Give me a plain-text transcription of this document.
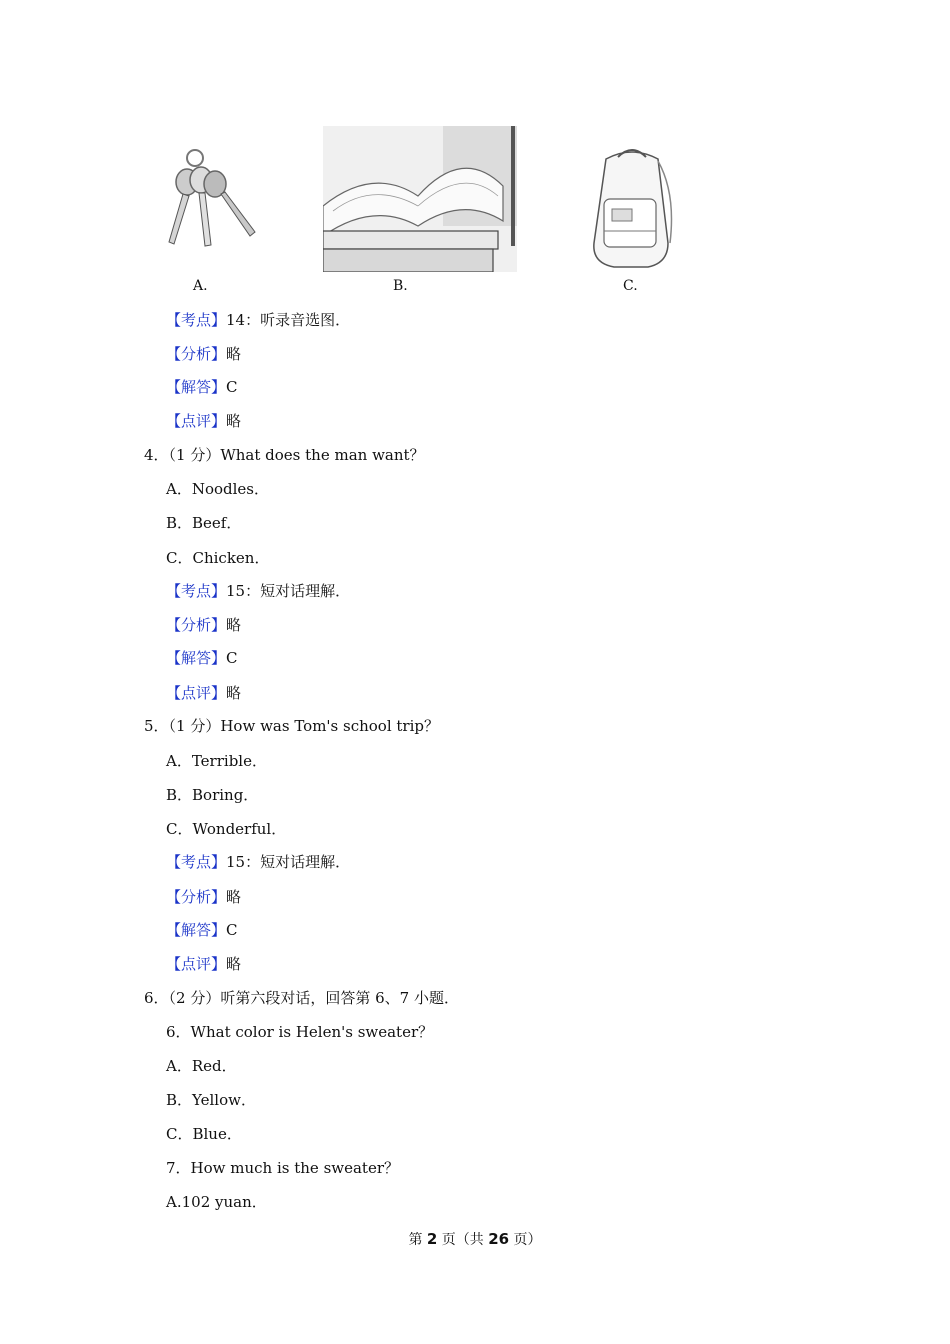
A.	B.	C.
【考点】14：听录音选图．
【分析】略
【解答】C
【点评】略
4．（1 分）What does the man want？
A．Noodles．
B．Beef．
C．Chicken．
【考点】15：短对话理解．
【分析】略
【解答】C
【点评】略
5．（1 分）How was Tom's school trip？
A．Terrible．
B．Boring．
C．Wonderful．
【考点】15：短对话理解．
【分析】略
【解答】C
【点评】略
6．（2 分）听第六段对话，回答第 6、7 小题．
6．What color is Helen's sweater？
A．Red．
B．Yellow．
C．Blue．
7．How much is the sweater？
A.102 yuan．
第 2 页（共 26 页）
